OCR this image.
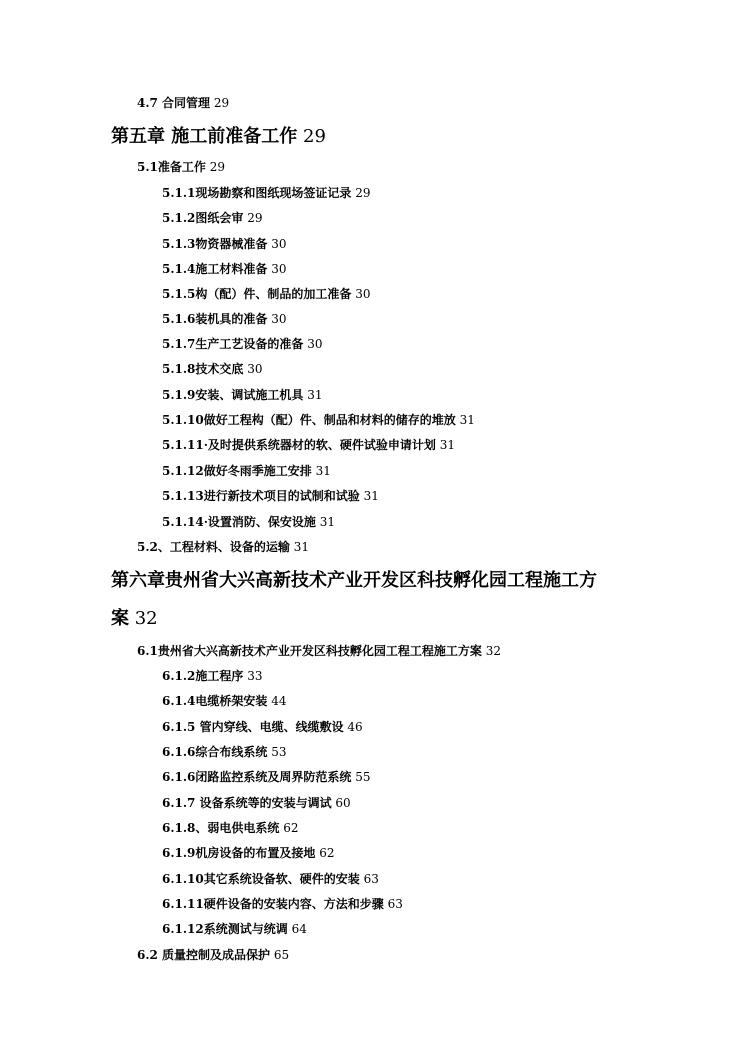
4.7 合同管理 29
第五章 施工前准备工作 29
5.1准备工作 29
5.1.1现场勘察和图纸现场签证记录 29
5.1.2图纸会审 29
5.1.3物资器械准备 30
5.1.4施工材料准备 30
5.1.5构（配）件、制品的加工准备 30
5.1.6装机具的准备 30
5.1.7生产工艺设备的准备 30
5.1.8技术交底 30
5.1.9安装、调试施工机具 31
5.1.10做好工程构（配）件、制品和材料的储存的堆放 31
5.1.11·及时提供系统器材的软、硬件试验申请计划 31
5.1.12做好冬雨季施工安排 31
5.1.13进行新技术项目的试制和试验 31
5.1.14·设置消防、保安设施 31
5.2、工程材料、设备的运输 31
第六章贵州省大兴高新技术产业开发区科技孵化园工程施工方
案 32
6.1贵州省大兴高新技术产业开发区科技孵化园工程工程施工方案 32
6.1.2施工程序 33
6.1.4电缆桥架安装 44
6.1.5 管内穿线、电缆、线缆敷设 46
6.1.6综合布线系统 53
6.1.6闭路监控系统及周界防范系统 55
6.1.7 设备系统等的安装与调试 60
6.1.8、弱电供电系统 62
6.1.9机房设备的布置及接地 62
6.1.10其它系统设备软、硬件的安装 63
6.1.11硬件设备的安装内容、方法和步骤 63
6.1.12系统测试与统调 64
6.2 质量控制及成品保护 65
